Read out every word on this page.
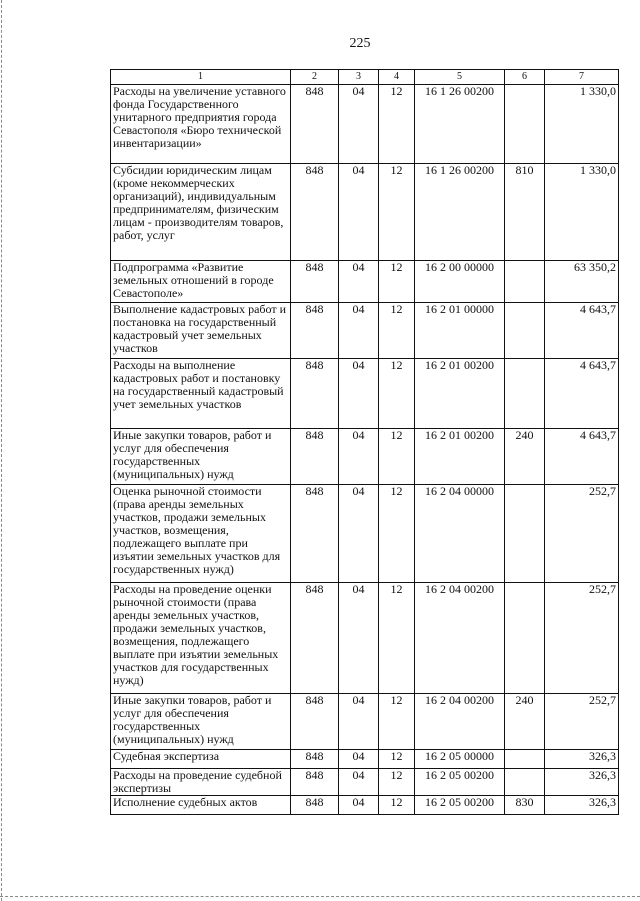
225
1	2	3	4	5	6	7
Расходы на увеличение уставного фонда Государственного унитарного предприятия города Севастополя «Бюро технической инвентаризации»	848	04	12	16 1 26 00200		1 330,0
Субсидии юридическим лицам (кроме некоммерческих организаций), индивидуальным предпринимателям, физическим лицам - производителям товаров, работ, услуг	848	04	12	16 1 26 00200	810	1 330,0
Подпрограмма «Развитие земельных отношений в городе Севастополе»	848	04	12	16 2 00 00000		63 350,2
Выполнение кадастровых работ и постановка на государственный кадастровый учет земельных участков	848	04	12	16 2 01 00000		4 643,7
Расходы на выполнение кадастровых работ и постановку на государственный кадастровый учет земельных участков	848	04	12	16 2 01 00200		4 643,7
Иные закупки товаров, работ и услуг для обеспечения государственных (муниципальных) нужд	848	04	12	16 2 01 00200	240	4 643,7
Оценка рыночной стоимости (права аренды земельных участков, продажи земельных участков, возмещения, подлежащего выплате при изъятии земельных участков для государственных нужд)	848	04	12	16 2 04 00000		252,7
Расходы на проведение оценки рыночной стоимости (права аренды земельных участков, продажи земельных участков, возмещения, подлежащего выплате при изъятии земельных участков для государственных нужд)	848	04	12	16 2 04 00200		252,7
Иные закупки товаров, работ и услуг для обеспечения государственных (муниципальных) нужд	848	04	12	16 2 04 00200	240	252,7
Судебная экспертиза	848	04	12	16 2 05 00000		326,3
Расходы на проведение судебной экспертизы	848	04	12	16 2 05 00200		326,3
Исполнение судебных актов	848	04	12	16 2 05 00200	830	326,3
